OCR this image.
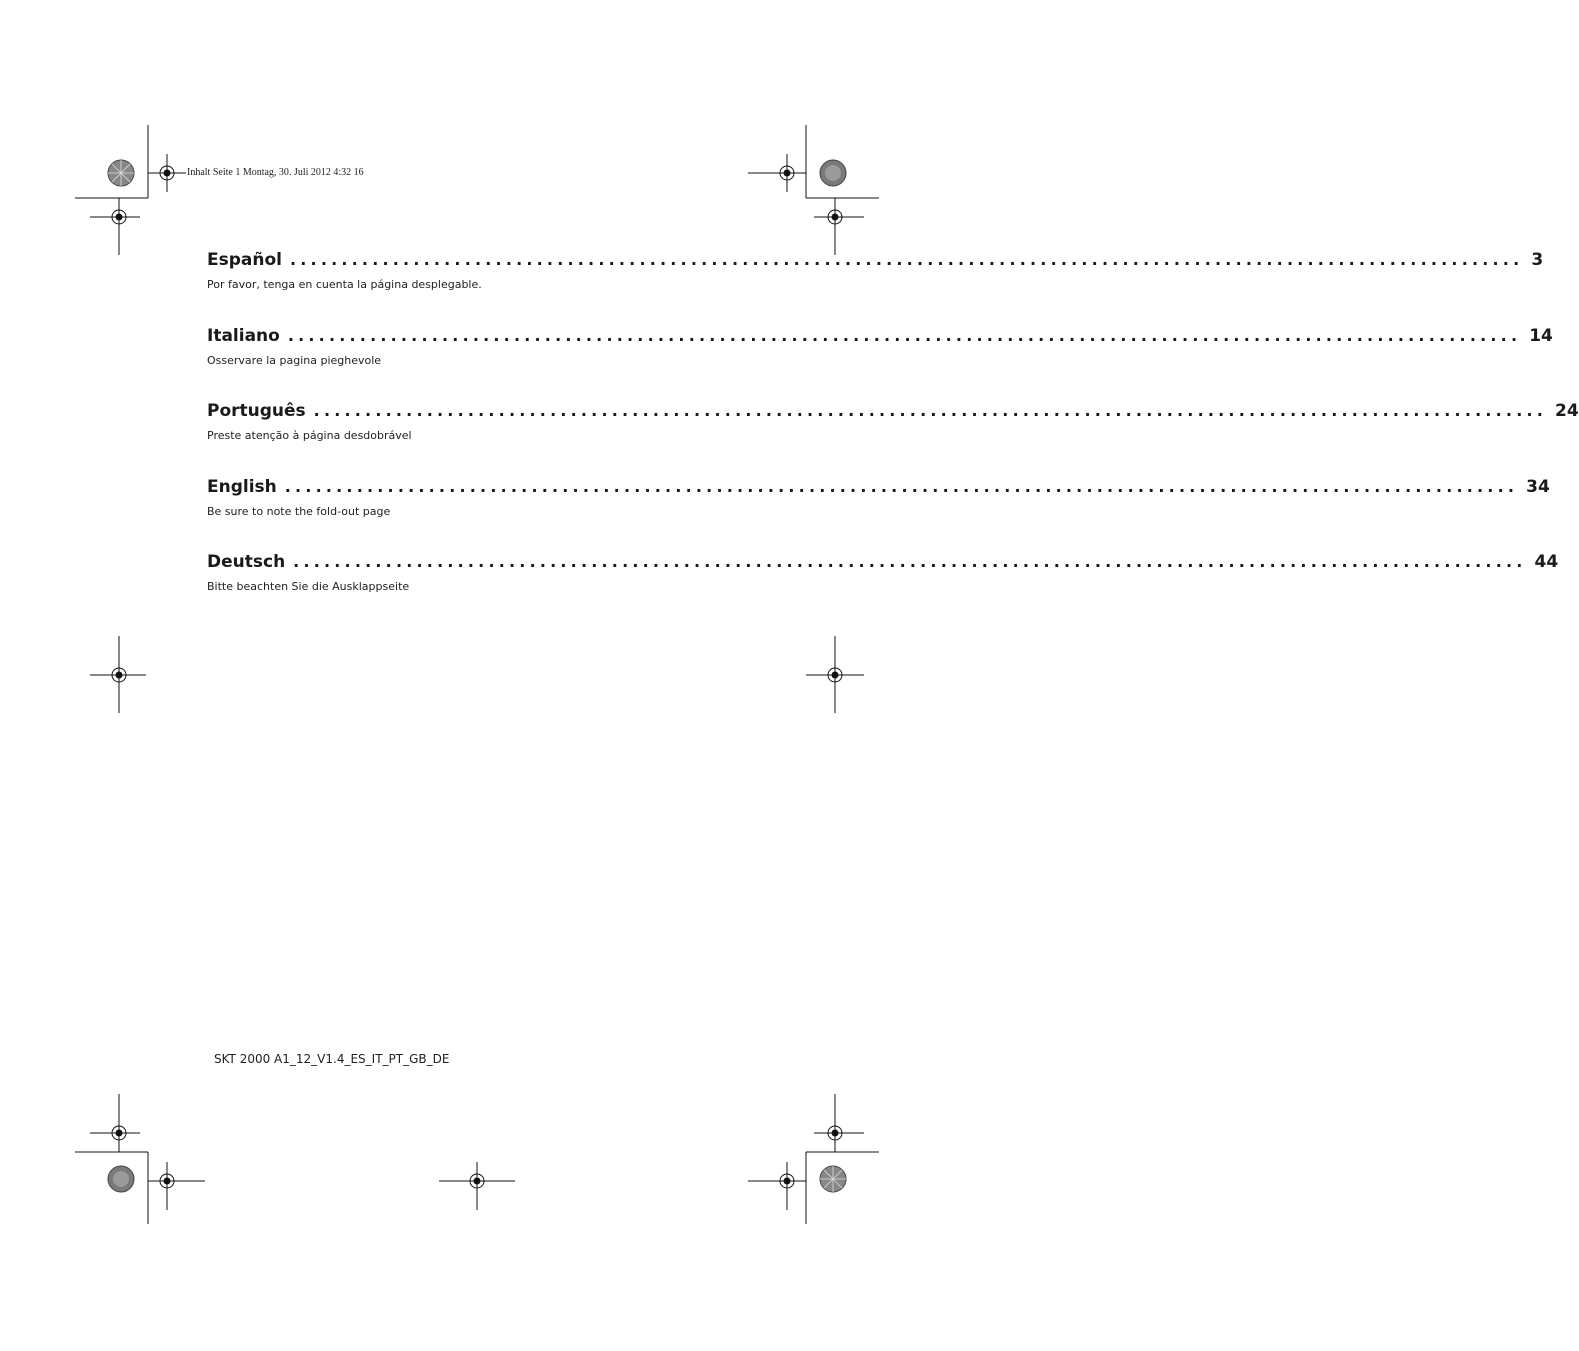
Inhalt Seite 1 Montag, 30. Juli 2012 4:32 16
Español ........................................................................................................................ 3
Por favor, tenga en cuenta la página desplegable.
Italiano ........................................................................................................................ 14
Osservare la pagina pieghevole
Português ........................................................................................................................ 24
Preste atenção à página desdobrável
English ........................................................................................................................ 34
Be sure to note the fold-out page
Deutsch ........................................................................................................................ 44
Bitte beachten Sie die Ausklappseite
SKT 2000 A1_12_V1.4_ES_IT_PT_GB_DE
